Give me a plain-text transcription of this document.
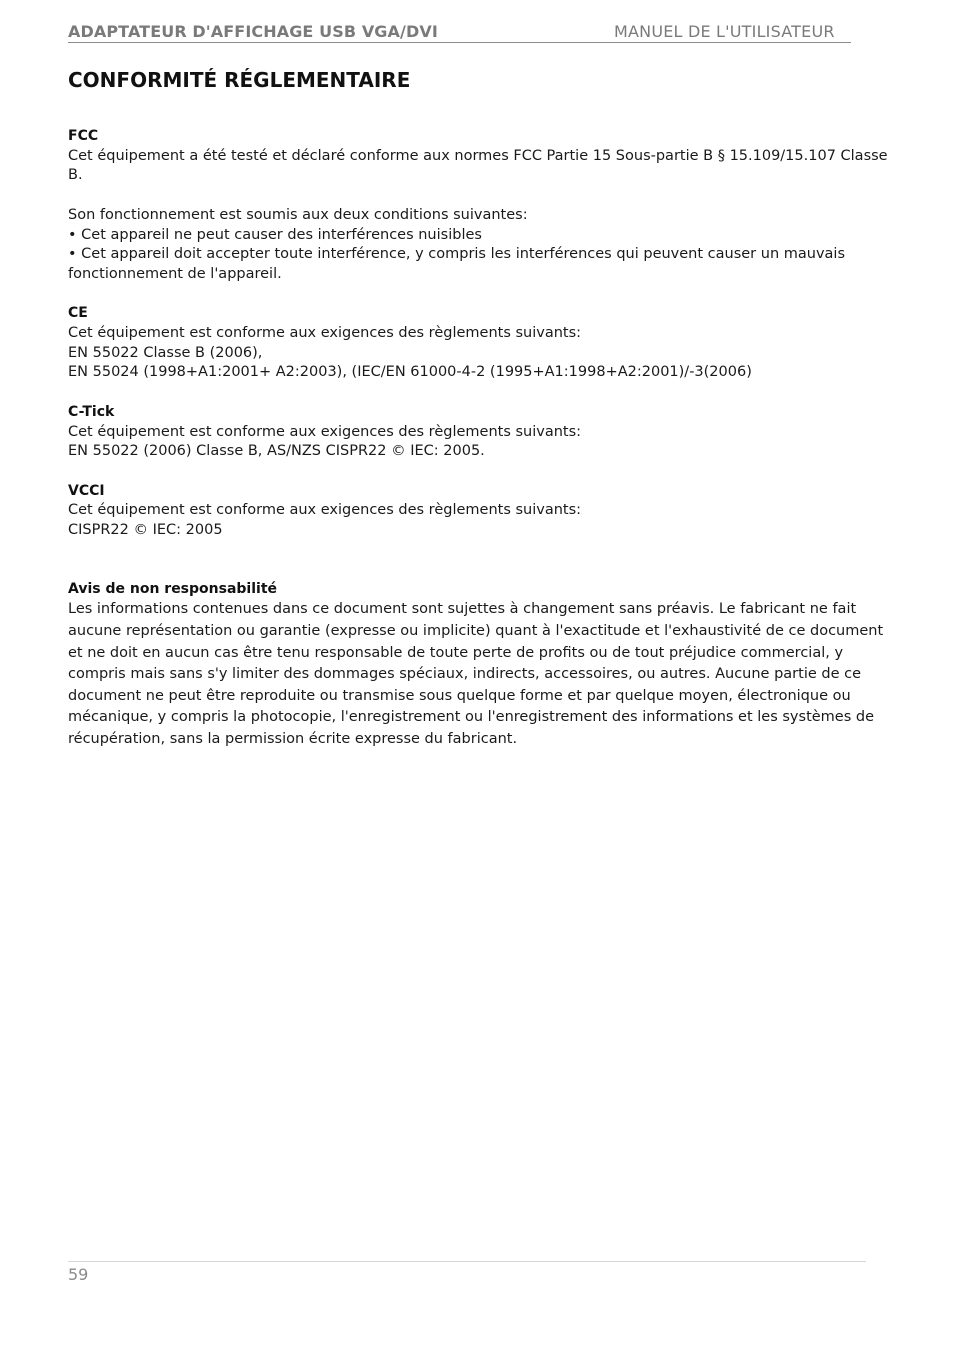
ADAPTATEUR D'AFFICHAGE USB VGA/DVI	MANUEL DE L'UTILISATEUR
CONFORMITÉ RÉGLEMENTAIRE

FCC

Cet équipement a été testé et déclaré conforme aux normes FCC Partie 15 Sous-partie B § 15.109/15.107 Classe B.

Son fonctionnement est soumis aux deux conditions suivantes:

• Cet appareil ne peut causer des interférences nuisibles

• Cet appareil doit accepter toute interférence, y compris les interférences qui peuvent causer un mauvais fonctionnement de l'appareil.

CE

Cet équipement est conforme aux exigences des règlements suivants:

EN 55022 Classe B (2006),

EN 55024 (1998+A1:2001+ A2:2003), (IEC/EN 61000-4-2 (1995+A1:1998+A2:2001)/-3(2006)

C-Tick

Cet équipement est conforme aux exigences des règlements suivants:

EN 55022 (2006) Classe B, AS/NZS CISPR22 © IEC: 2005.

VCCI

Cet équipement est conforme aux exigences des règlements suivants:

CISPR22 © IEC: 2005

Avis de non responsabilité

Les informations contenues dans ce document sont sujettes à changement sans préavis. Le fabricant ne fait aucune représentation ou garantie (expresse ou implicite) quant à l'exactitude et l'exhaustivité de ce document et ne doit en aucun cas être tenu responsable de toute perte de profits ou de tout préjudice commercial, y compris mais sans s'y limiter des dommages spéciaux, indirects, accessoires, ou autres. Aucune partie de ce document ne peut être reproduite ou transmise sous quelque forme et par quelque moyen, électronique ou mécanique, y compris la photocopie, l'enregistrement ou l'enregistrement des informations et les systèmes de récupération, sans la permission écrite expresse du fabricant.

59
